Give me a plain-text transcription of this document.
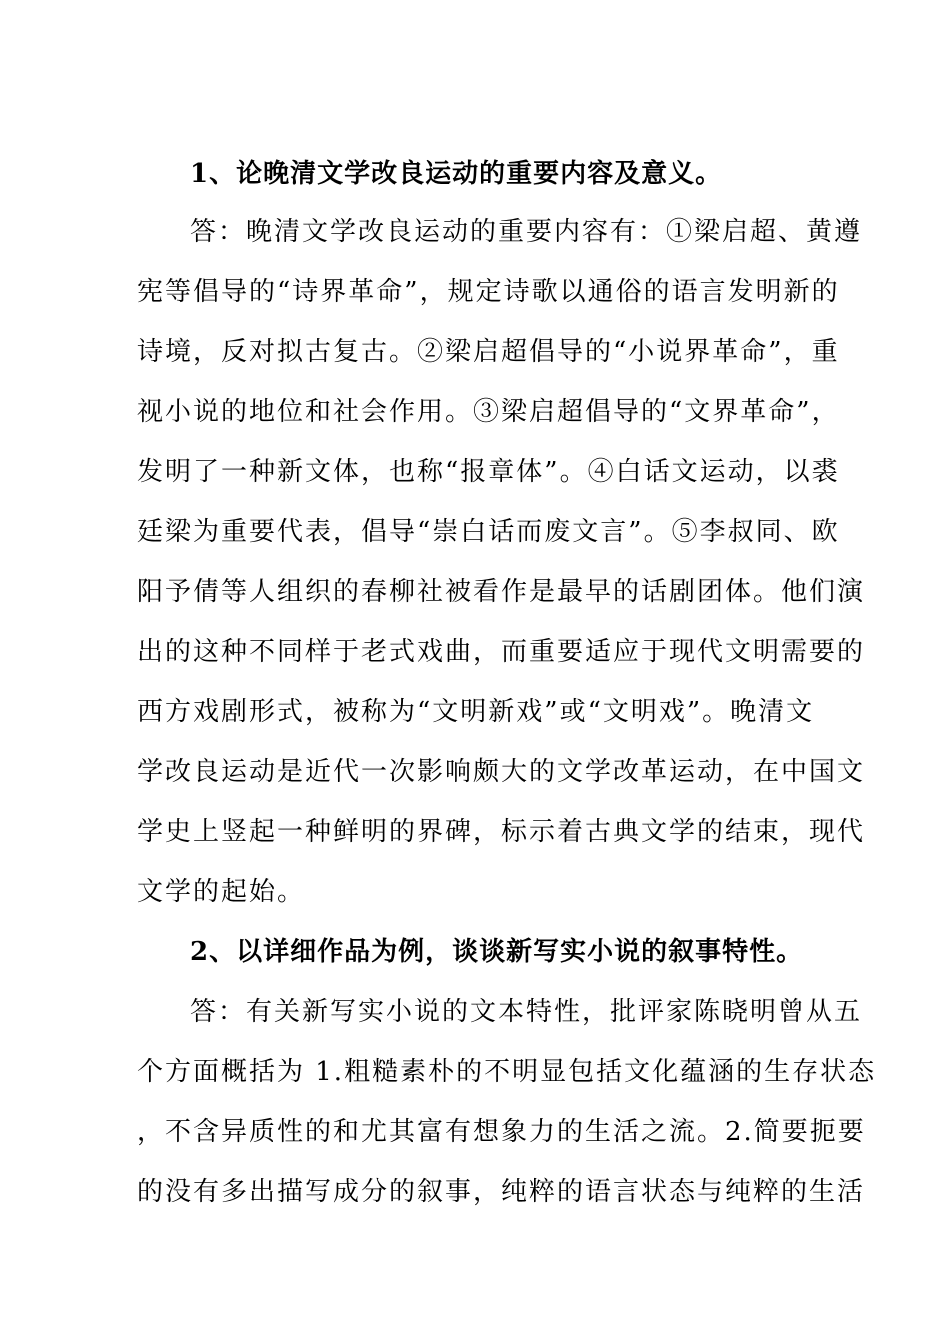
1、论晚清文学改良运动的重要内容及意义。
答：晚清文学改良运动的重要内容有：①梁启超、黄遵
宪等倡导的“诗界革命”，规定诗歌以通俗的语言发明新的
诗境，反对拟古复古。②梁启超倡导的“小说界革命”，重
视小说的地位和社会作用。③梁启超倡导的“文界革命”，
发明了一种新文体，也称“报章体”。④白话文运动，以裘
廷梁为重要代表，倡导“崇白话而废文言”。⑤李叔同、欧
阳予倩等人组织的春柳社被看作是最早的话剧团体。他们演
出的这种不同样于老式戏曲，而重要适应于现代文明需要的
西方戏剧形式，被称为“文明新戏”或“文明戏”。晚清文
学改良运动是近代一次影响颇大的文学改革运动，在中国文
学史上竖起一种鲜明的界碑，标示着古典文学的结束，现代
文学的起始。
2、以详细作品为例，谈谈新写实小说的叙事特性。
答：有关新写实小说的文本特性，批评家陈晓明曾从五
个方面概括为 1.粗糙素朴的不明显包括文化蕴涵的生存状态
，不含异质性的和尤其富有想象力的生活之流。2.简要扼要
的没有多出描写成分的叙事，纯粹的语言状态与纯粹的生活
